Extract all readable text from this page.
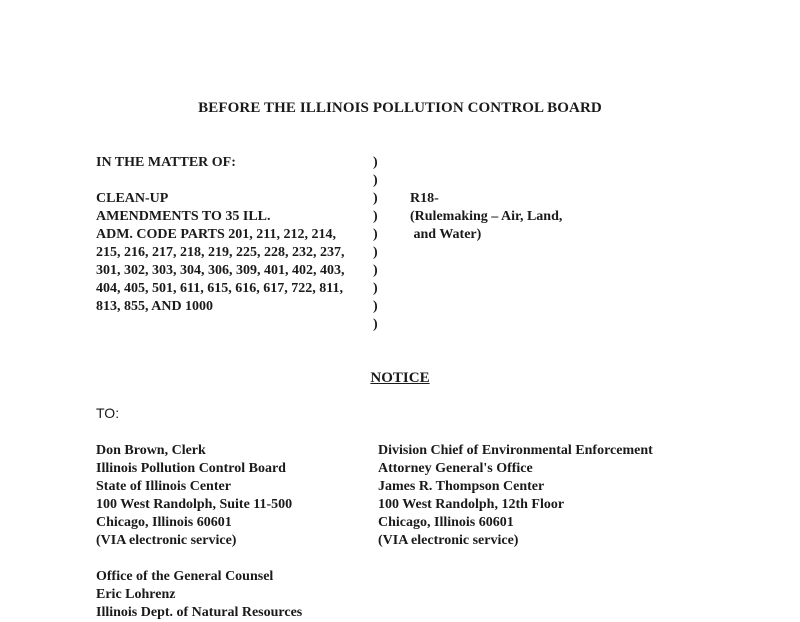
BEFORE THE ILLINOIS POLLUTION CONTROL BOARD
IN THE MATTER OF:
CLEAN-UP
AMENDMENTS TO 35 ILL.
ADM. CODE PARTS 201, 211, 212, 214,
215, 216, 217, 218, 219, 225, 228, 232, 237,
301, 302, 303, 304, 306, 309, 401, 402, 403,
404, 405, 501, 611, 615, 616, 617, 722, 811,
813, 855, AND 1000
)
)
)
)
)
)
)
)
)
)
R18-
(Rulemaking – Air, Land,
and Water)
NOTICE
TO:
Don Brown, Clerk
Illinois Pollution Control Board
State of Illinois Center
100 West Randolph, Suite 11-500
Chicago, Illinois 60601
(VIA electronic service)
Division Chief of Environmental Enforcement
Attorney General's Office
James R. Thompson Center
100 West Randolph, 12th Floor
Chicago, Illinois 60601
(VIA electronic service)
Office of the General Counsel
Eric Lohrenz
Illinois Dept. of Natural Resources
